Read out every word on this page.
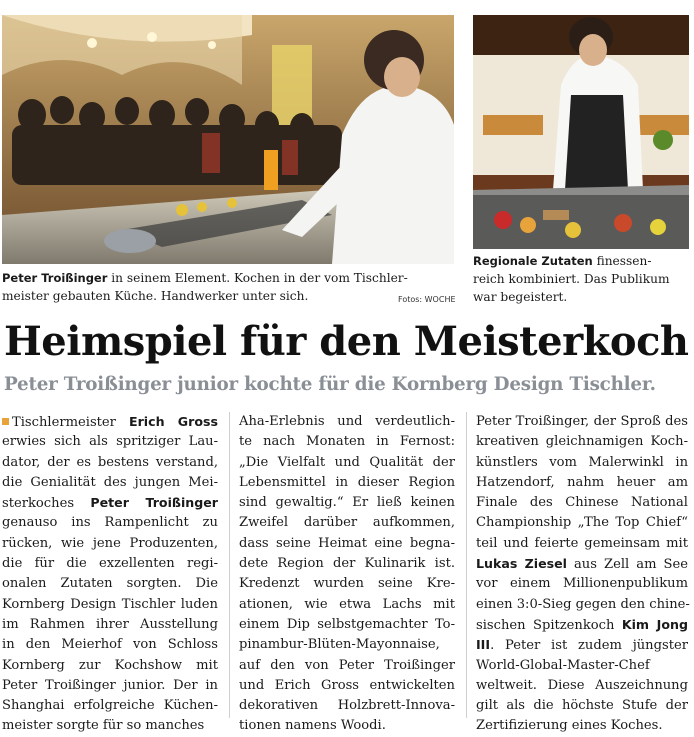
Peter Troißinger in seinem Element. Kochen in der vom Tischler-
meister gebauten Küche. Handwerker unter sich.	Fotos: WOCHE
Regionale Zutaten finessen-
reich kombiniert. Das Publikum
war begeistert.
Heimspiel für den Meisterkoch
Peter Troißinger junior kochte für die Kornberg Design Tischler.
Tischlermeister Erich Gross
erwies sich als spritziger Lau-
dator, der es bestens verstand,
die Genialität des jungen Mei-
sterkoches Peter Troißinger
genauso ins Rampenlicht zu
rücken, wie jene Produzenten,
die für die exzellenten regi-
onalen Zutaten sorgten. Die
Kornberg Design Tischler luden
im Rahmen ihrer Ausstellung
in den Meierhof von Schloss
Kornberg zur Kochshow mit
Peter Troißinger junior. Der in
Shanghai erfolgreiche Küchen-
meister sorgte für so manches
Aha-Erlebnis und verdeutlich-
te nach Monaten in Fernost:
„Die Vielfalt und Qualität der
Lebensmittel in dieser Region
sind gewaltig.“ Er ließ keinen
Zweifel darüber aufkommen,
dass seine Heimat eine begna-
dete Region der Kulinarik ist.
Kredenzt wurden seine Kre-
ationen, wie etwa Lachs mit
einem Dip selbstgemachter To-
pinambur-Blüten-Mayonnaise,
auf den von Peter Troißinger
und Erich Gross entwickelten
dekorativen Holzbrett-Innova-
tionen namens Woodi.
Peter Troißinger, der Sproß des
kreativen gleichnamigen Koch-
künstlers vom Malerwinkl in
Hatzendorf, nahm heuer am
Finale des Chinese National
Championship „The Top Chief“
teil und feierte gemeinsam mit
Lukas Ziesel aus Zell am See
vor einem Millionenpublikum
einen 3:0-Sieg gegen den chine-
sischen Spitzenkoch Kim Jong
III. Peter ist zudem jüngster
World-Global-Master-Chef
weltweit. Diese Auszeichnung
gilt als die höchste Stufe der
Zertifizierung eines Koches.
